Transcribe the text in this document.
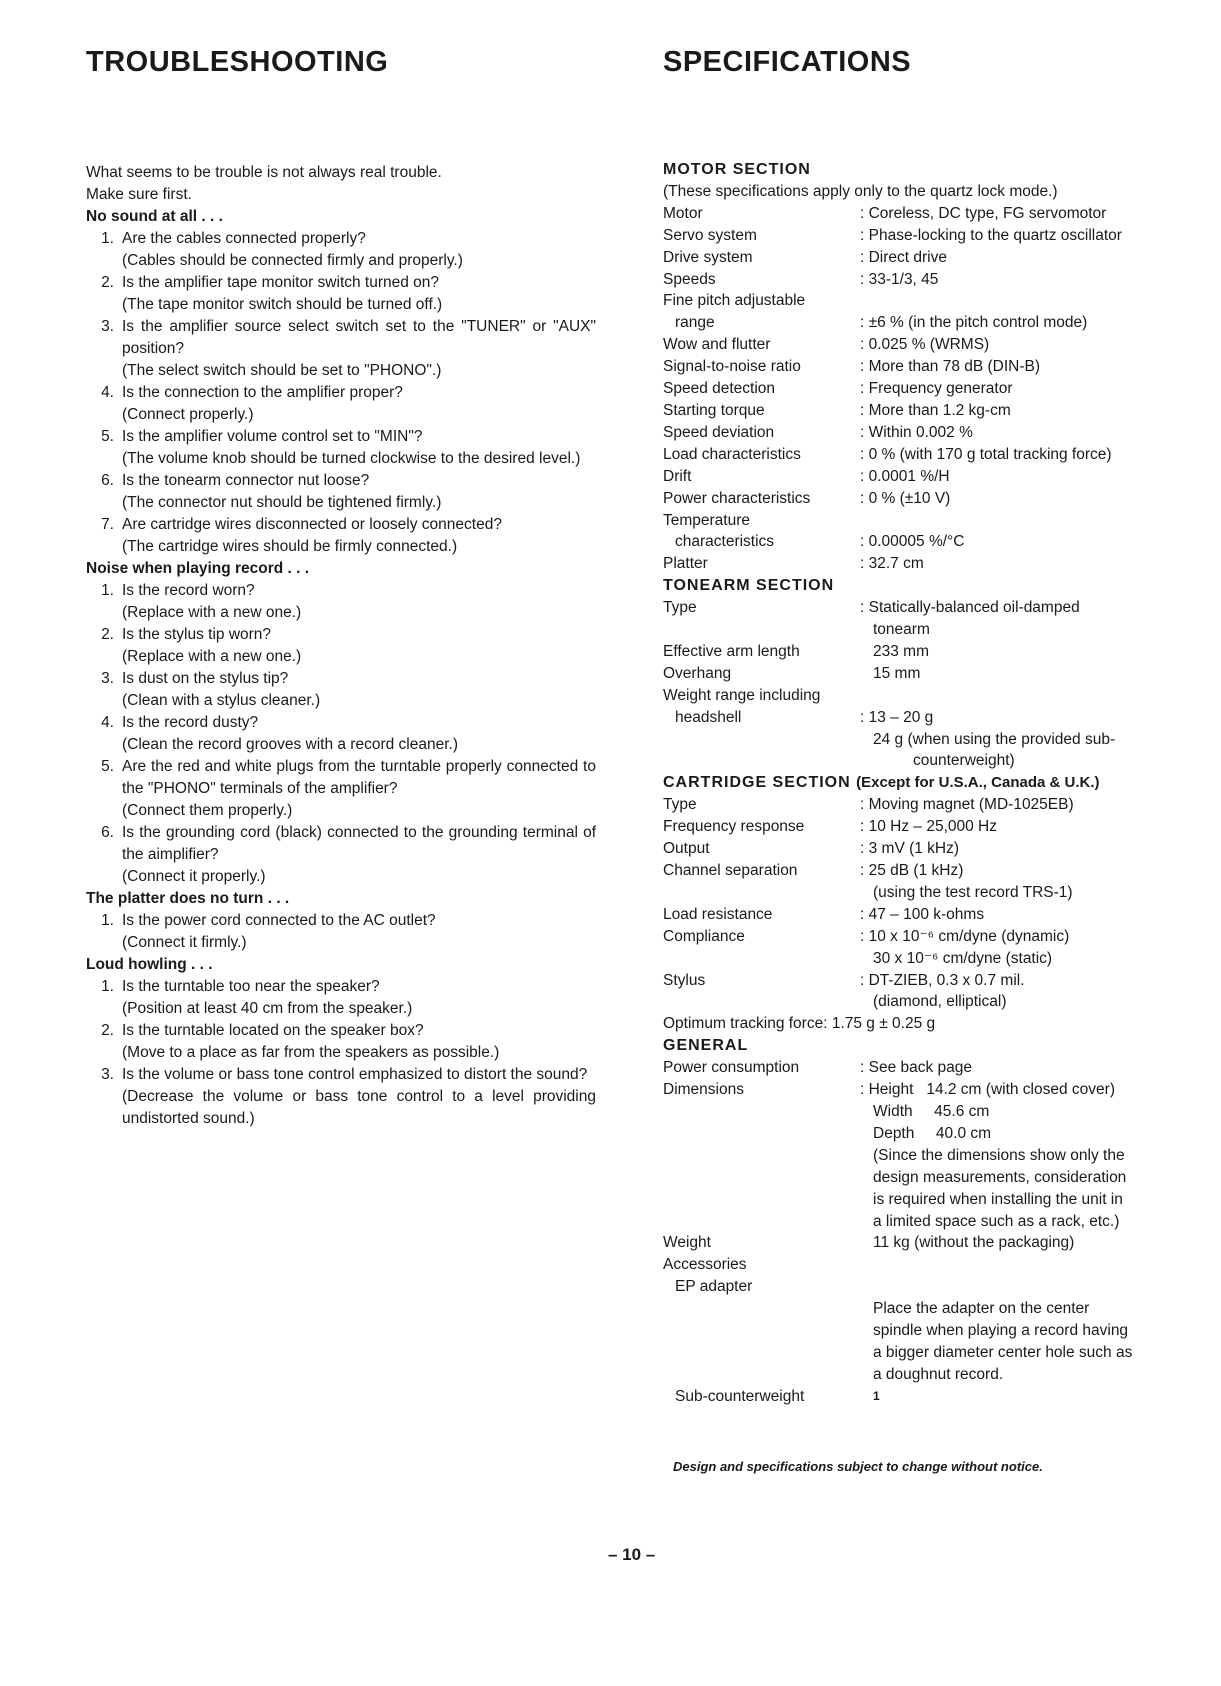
TROUBLESHOOTING	SPECIFICATIONS

What seems to be trouble is not always real trouble.

Make sure first.

No sound at all . . .

1. Are the cables connected properly?

(Cables should be connected firmly and properly.)

2. Is the amplifier tape monitor switch turned on?

(The tape monitor switch should be turned off.)

3. Is the amplifier source select switch set to the "TUNER" or "AUX" position?

(The select switch should be set to "PHONO".)

4. Is the connection to the amplifier proper?

(Connect properly.)

5. Is the amplifier volume control set to "MIN"?

(The volume knob should be turned clockwise to the desired level.)

6. Is the tonearm connector nut loose?

(The connector nut should be tightened firmly.)

7. Are cartridge wires disconnected or loosely connected?

(The cartridge wires should be firmly connected.)

Noise when playing record . . .

1. Is the record worn?

(Replace with a new one.)

2. Is the stylus tip worn?

(Replace with a new one.)

3. Is dust on the stylus tip?

(Clean with a stylus cleaner.)

4. Is the record dusty?

(Clean the record grooves with a record cleaner.)

5. Are the red and white plugs from the turntable properly connected to the "PHONO" terminals of the amplifier?

(Connect them properly.)

6. Is the grounding cord (black) connected to the grounding terminal of the aimplifier?

(Connect it properly.)

The platter does no turn . . .

1. Is the power cord connected to the AC outlet?

(Connect it firmly.)

Loud howling . . .

1. Is the turntable too near the speaker?

(Position at least 40 cm from the speaker.)

2. Is the turntable located on the speaker box?

(Move to a place as far from the speakers as possible.)

3. Is the volume or bass tone control emphasized to distort the sound?

(Decrease the volume or bass tone control to a level providing undistorted sound.)

MOTOR SECTION

(These specifications apply only to the quartz lock mode.)

Motor	: Coreless, DC type, FG servomotor
Servo system	: Phase-locking to the quartz oscillator
Drive system	: Direct drive
Speeds	: 33-1/3, 45
Fine pitch adjustable
range	: ±6 % (in the pitch control mode)
Wow and flutter	: 0.025 % (WRMS)
Signal-to-noise ratio	: More than 78 dB (DIN-B)
Speed detection	: Frequency generator
Starting torque	: More than 1.2 kg-cm
Speed deviation	: Within 0.002 %
Load characteristics	: 0 % (with 170 g total tracking force)
Drift	: 0.0001 %/H
Power characteristics	: 0 % (±10 V)
Temperature
characteristics	: 0.00005 %/°C
Platter	: 32.7 cm

TONEARM SECTION

Type	: Statically-balanced oil-damped

tonearm

Effective arm length	233 mm
Overhang	15 mm
Weight range including
headshell	: 13 – 20 g

24 g (when using the provided sub-

counterweight)

CARTRIDGE SECTION (Except for U.S.A., Canada & U.K.)

Type	: Moving magnet (MD-1025EB)
Frequency response	: 10 Hz – 25,000 Hz
Output	: 3 mV (1 kHz)
Channel separation	: 25 dB (1 kHz)

(using the test record TRS-1)

Load resistance	: 47 – 100 k-ohms
Compliance	: 10 x 10⁻⁶ cm/dyne (dynamic)

30 x 10⁻⁶ cm/dyne (static)

Stylus	: DT-ZIEB, 0.3 x 0.7 mil.

(diamond, elliptical)

Optimum tracking force: 1.75 g ± 0.25 g

GENERAL

Power consumption	: See back page
Dimensions	: Height   14.2 cm (with closed cover)

Width     45.6 cm

Depth     40.0 cm

(Since the dimensions show only the

design measurements, consideration

is required when installing the unit in

a limited space such as a rack, etc.)

Weight	11 kg (without the packaging)
Accessories
EP adapter

Place the adapter on the center

spindle when playing a record having

a bigger diameter center hole such as

a doughnut record.

Sub-counterweight	1

Design and specifications subject to change without notice.

– 10 –
